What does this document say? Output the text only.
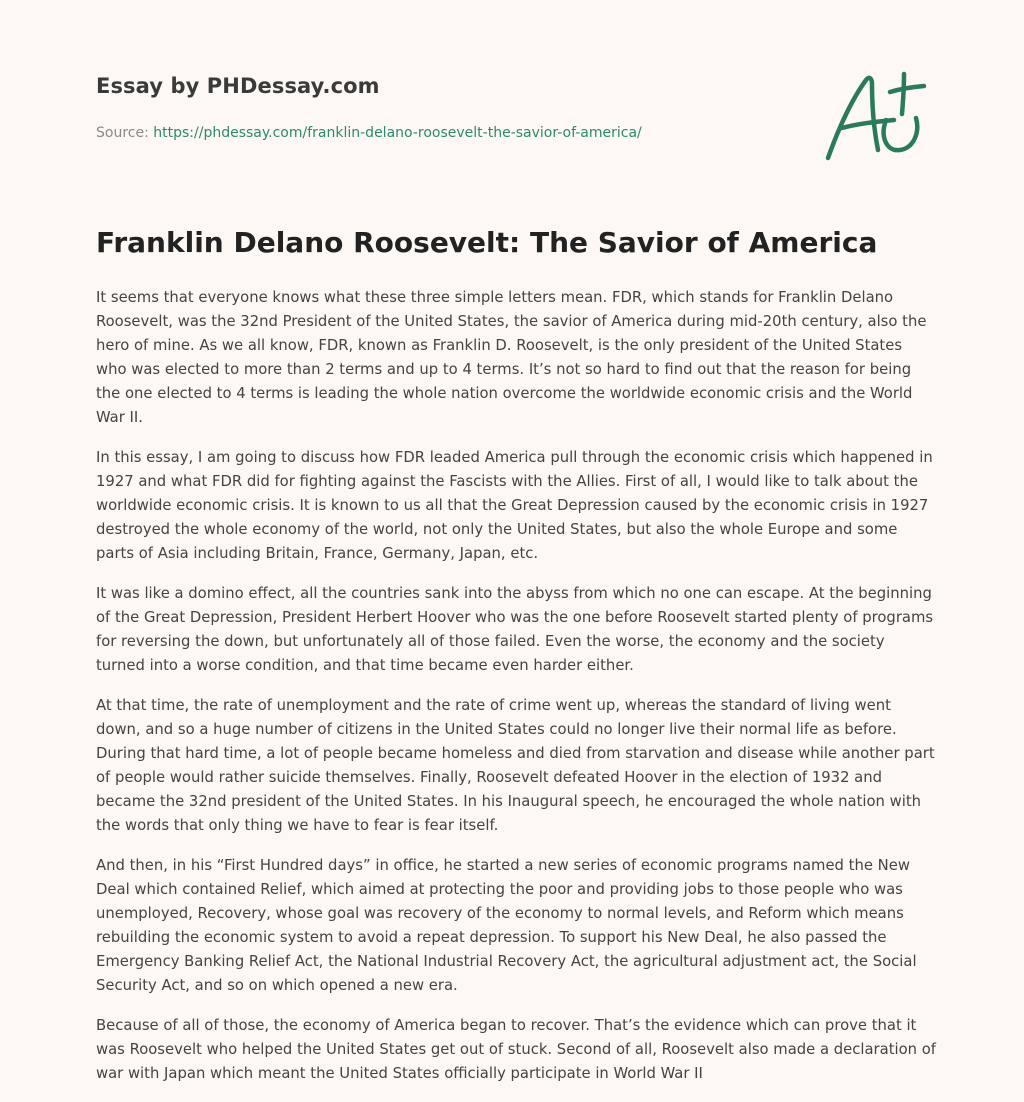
Essay by PHDessay.com
Source: https://phdessay.com/franklin-delano-roosevelt-the-savior-of-america/
Franklin Delano Roosevelt: The Savior of America

It seems that everyone knows what these three simple letters mean. FDR, which stands for Franklin Delano Roosevelt, was the 32nd President of the United States, the savior of America during mid-20th century, also the hero of mine. As we all know, FDR, known as Franklin D. Roosevelt, is the only president of the United States who was elected to more than 2 terms and up to 4 terms. It’s not so hard to find out that the reason for being the one elected to 4 terms is leading the whole nation overcome the worldwide economic crisis and the World War II.

In this essay, I am going to discuss how FDR leaded America pull through the economic crisis which happened in 1927 and what FDR did for fighting against the Fascists with the Allies. First of all, I would like to talk about the worldwide economic crisis. It is known to us all that the Great Depression caused by the economic crisis in 1927 destroyed the whole economy of the world, not only the United States, but also the whole Europe and some parts of Asia including Britain, France, Germany, Japan, etc.

It was like a domino effect, all the countries sank into the abyss from which no one can escape. At the beginning of the Great Depression, President Herbert Hoover who was the one before Roosevelt started plenty of programs for reversing the down, but unfortunately all of those failed. Even the worse, the economy and the society turned into a worse condition, and that time became even harder either.

At that time, the rate of unemployment and the rate of crime went up, whereas the standard of living went down, and so a huge number of citizens in the United States could no longer live their normal life as before. During that hard time, a lot of people became homeless and died from starvation and disease while another part of people would rather suicide themselves. Finally, Roosevelt defeated Hoover in the election of 1932 and became the 32nd president of the United States. In his Inaugural speech, he encouraged the whole nation with the words that only thing we have to fear is fear itself.

And then, in his “First Hundred days” in office, he started a new series of economic programs named the New Deal which contained Relief, which aimed at protecting the poor and providing jobs to those people who was unemployed, Recovery, whose goal was recovery of the economy to normal levels, and Reform which means rebuilding the economic system to avoid a repeat depression. To support his New Deal, he also passed the Emergency Banking Relief Act, the National Industrial Recovery Act, the agricultural adjustment act, the Social Security Act, and so on which opened a new era.

Because of all of those, the economy of America began to recover. That’s the evidence which can prove that it was Roosevelt who helped the United States get out of stuck. Second of all, Roosevelt also made a declaration of war with Japan which meant the United States officially participate in World War II
